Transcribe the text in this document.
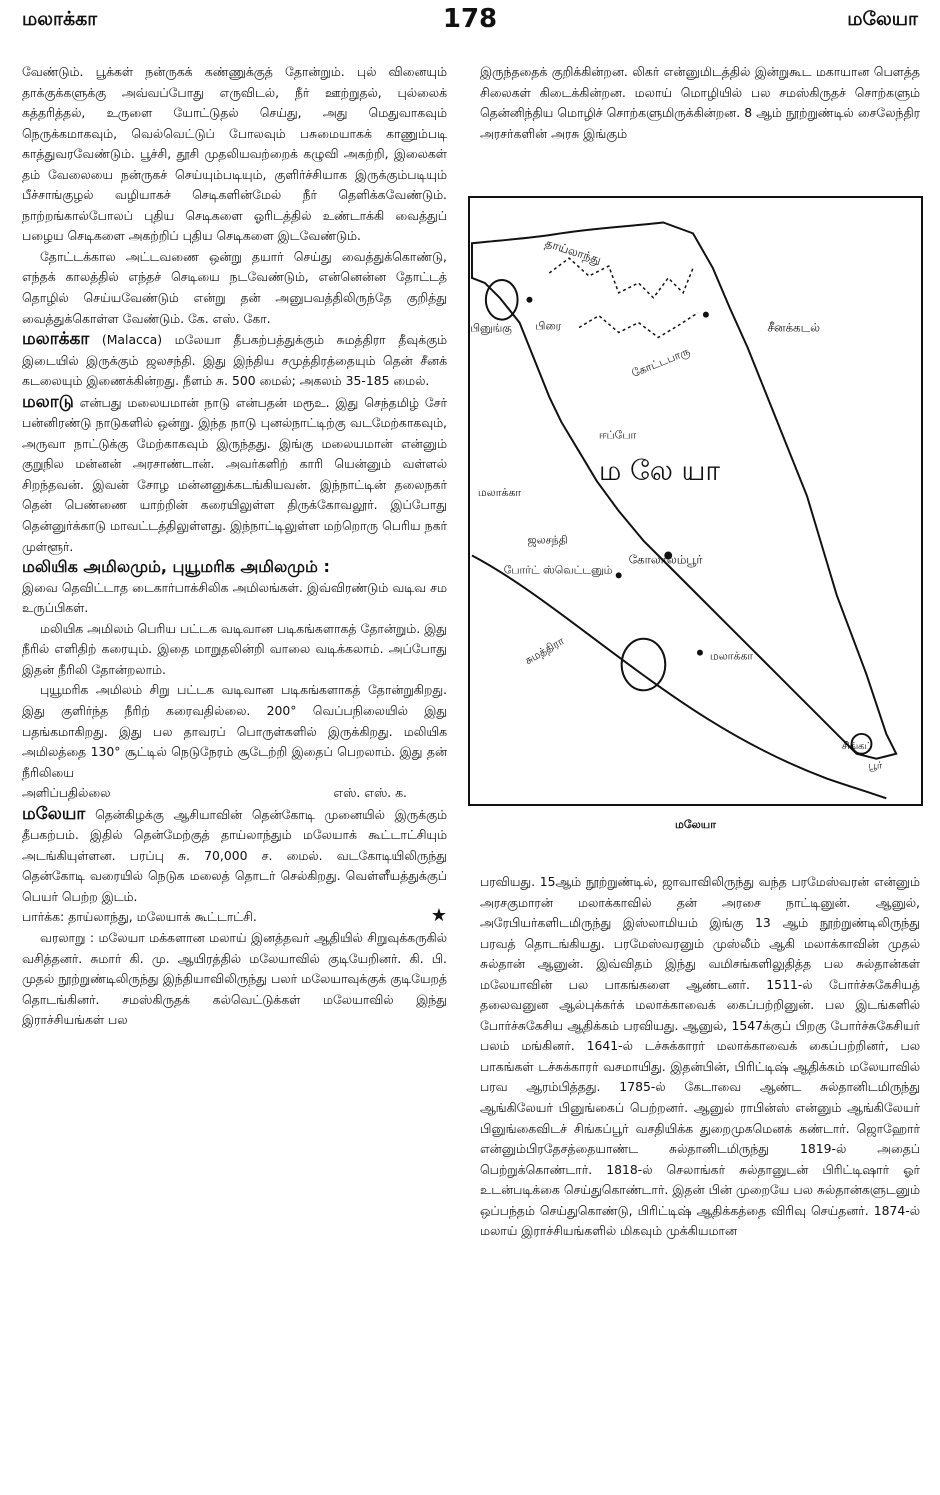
மலாக்கா	178	மலேயா

வேண்டும். பூக்கள் நன்ருகக் கண்ணுக்குத் தோன்றும். புல் வினையும் தாக்குக்களுக்கு அவ்வப்போது எருவிடல், நீர் ஊற்றுதல், புல்லைக் கத்தரித்தல், உருளை யோட்டுதல் செய்து, அது மெதுவாகவும் நெருக்கமாகவும், வெல்வெட்டுப் போலவும் பசுமையாகக் காணும்படி காத்துவரவேண்டும். பூச்சி, தூசி முதலியவற்றைக் கழுவி அகற்றி, இலைகள் தம் வேலையை நன்ருகச் செய்யும்படியும், குளிர்ச்சியாக இருக்கும்படியும் பீச்சாங்குழல் வழியாகச் செடிகளின்மேல் நீர் தெளிக்கவேண்டும். நாற்றங்கால்போலப் புதிய செடிகளை ஓரிடத்தில் உண்டாக்கி வைத்துப் பழைய செடிகளை அகற்றிப் புதிய செடிகளை இடவேண்டும்.

தோட்டக்கால அட்டவணை ஒன்று தயார் செய்து வைத்துக்கொண்டு, எந்தக் காலத்தில் எந்தச் செடியை நடவேண்டும், என்னென்ன தோட்டத் தொழில் செய்யவேண்டும் என்று தன் அனுபவத்திலிருந்தே குறித்து வைத்துக்கொள்ள வேண்டும். கே. எஸ். கோ.

மலாக்கா (Malacca) மலேயா தீபகற்பத்துக்கும் சுமத்திரா தீவுக்கும் இடையில் இருக்கும் ஜலசந்தி. இது இந்திய சமுத்திரத்தையும் தென் சீனக் கடலையும் இணைக்கின்றது. நீளம் சு. 500 மைல்; அகலம் 35-185 மைல்.

மலாடு என்பது மலையமான் நாடு என்பதன் மரூஉ. இது செந்தமிழ் சேர் பன்னிரண்டு நாடுகளில் ஒன்று. இந்த நாடு புனல்நாட்டிற்கு வடமேற்காகவும், அருவா நாட்டுக்கு மேற்காகவும் இருந்தது. இங்கு மலையமான் என்னும் குறுநில மன்னன் அரசாண்டான். அவர்களிற் காரி யென்னும் வள்ளல் சிறந்தவன். இவன் சோழ மன்னனுக்கடங்கியவன். இந்நாட்டின் தலைநகர் தென் பெண்ணை யாற்றின் கரையிலுள்ள திருக்கோவலூர். இப்போது தென்னுர்க்காடு மாவட்டத்திலுள்ளது. இந்நாட்டிலுள்ள மற்றொரு பெரிய நகர் முள்ளூர்.

மலியிக அமிலமும், புயூமரிக அமிலமும் :

இவை தெவிட்டாத டைகார்பாக்சிலிக அமிலங்கள். இவ்விரண்டும் வடிவ சம உருப்பிகள்.

மலியிக அமிலம் பெரிய பட்டக வடிவான படிகங்களாகத் தோன்றும். இது நீரில் எளிதிற் கரையும். இதை மாறுதலின்றி வாலை வடிக்கலாம். அப்போது இதன் நீரிலி தோன்றலாம்.

புயூமரிக அமிலம் சிறு பட்டக வடிவான படிகங்களாகத் தோன்றுகிறது. இது குளிர்ந்த நீரிற் கரைவதில்லை. 200° வெப்பநிலையில் இது பதங்கமாகிறது. இது பல தாவரப் பொருள்களில் இருக்கிறது. மலியிக அமிலத்தை 130° சூட்டில் நெடுநேரம் சூடேற்றி இதைப் பெறலாம். இது தன் நீரிலியை

அளிப்பதில்லை	எஸ். எஸ். க.

மலேயா தென்கிழக்கு ஆசியாவின் தென்கோடி முனையில் இருக்கும் தீபகற்பம். இதில் தென்மேற்குத் தாய்லாந்தும் மலேயாக் கூட்டாட்சியும் அடங்கியுள்ளன. பரப்பு சு. 70,000 ச. மைல். வடகோடியிலிருந்து தென்கோடி வரையில் நெடுக மலைத் தொடர் செல்கிறது. வெள்ளீயத்துக்குப் பெயர் பெற்ற இடம்.

பார்க்க: தாய்லாந்து, மலேயாக் கூட்டாட்சி.	★

வரலாறு : மலேயா மக்களான மலாய் இனத்தவர் ஆதியில் சிறுவுக்கருகில் வசித்தனர். சுமார் கி. மு. ஆயிரத்தில் மலேயாவில் குடியேறினர். கி. பி. முதல் நூற்றுண்டிலிருந்து இந்தியாவிலிருந்து பலர் மலேயாவுக்குக் குடியேறத் தொடங்கினர். சமஸ்கிருதக் கல்வெட்டுக்கள் மலேயாவில் இந்து இராச்சியங்கள் பல

இருந்ததைக் குறிக்கின்றன. லிகர் என்னுமிடத்தில் இன்றுகூட மகாயான பௌத்த சிலைகள் கிடைக்கின்றன. மலாய் மொழியில் பல சமஸ்கிருதச் சொற்களும் தென்னிந்திய மொழிச் சொற்களுமிருக்கின்றன. 8 ஆம் நூற்றுண்டில் சைலேந்திர அரசர்களின் அரசு இங்கும்

தாய்லாந்து
கோட்டபாரு
சீனக்கடல்
பினுங்கு பிரை
ஈப்போ
ம லே யா
மலாக்கா
ஜலசந்தி
கோலாலம்பூர்
போர்ட் ஸ்வெட்டனும்
மலாக்கா
சுமத்திரா
சிங்கப்
பூர்
மலேயா

பரவியது. 15ஆம் நூற்றுண்டில், ஜாவாவிலிருந்து வந்த பரமேஸ்வரன் என்னும் அரசகுமாரன் மலாக்காவில் தன் அரசை நாட்டினுன். ஆனுல், அரேபியர்களிடமிருந்து இஸ்லாமியம் இங்கு 13 ஆம் நூற்றுண்டிலிருந்து பரவத் தொடங்கியது. பரமேஸ்வரனும் முஸ்லீம் ஆகி மலாக்காவின் முதல் சுல்தான் ஆனுன். இவ்விதம் இந்து வமிசங்களிலுதித்த பல சுல்தான்கள் மலேயாவின் பல பாகங்களை ஆண்டனர். 1511-ல் போர்ச்சுகேசியத் தலைவனுன ஆல்புக்கர்க் மலாக்காவைக் கைப்பற்றினுன். பல இடங்களில் போர்ச்சுகேசிய ஆதிக்கம் பரவியது. ஆனுல், 1547க்குப் பிறகு போர்ச்சுகேசியர் பலம் மங்கினர். 1641-ல் டச்சுக்காரர் மலாக்காவைக் கைப்பற்றினர், பல பாகங்கள் டச்சுக்காரர் வசமாயிது. இதன்பின், பிரிட்டிஷ் ஆதிக்கம் மலேயாவில் பரவ ஆரம்பித்தது. 1785-ல் கேடாவை ஆண்ட சுல்தானிடமிருந்து ஆங்கிலேயர் பினுங்கைப் பெற்றனர். ஆனுல் ராபின்ஸ் என்னும் ஆங்கிலேயர் பினுங்கைவிடச் சிங்கப்பூர் வசதியிக்க துறைமுகமெனக் கண்டார். ஜொஹோர் என்னும்பிரதேசத்தையாண்ட சுல்தானிடமிருந்து 1819-ல் அதைப் பெற்றுக்கொண்டார். 1818-ல் செலாங்கர் சுல்தானுடன் பிரிட்டிஷார் ஓர் உடன்படிக்கை செய்துகொண்டார். இதன் பின் முறையே பல சுல்தான்களுடனும் ஒப்பந்தம் செய்துகொண்டு, பிரிட்டிஷ் ஆதிக்கத்தை விரிவு செய்தனர். 1874-ல் மலாய் இராச்சியங்களில் மிகவும் முக்கியமான
